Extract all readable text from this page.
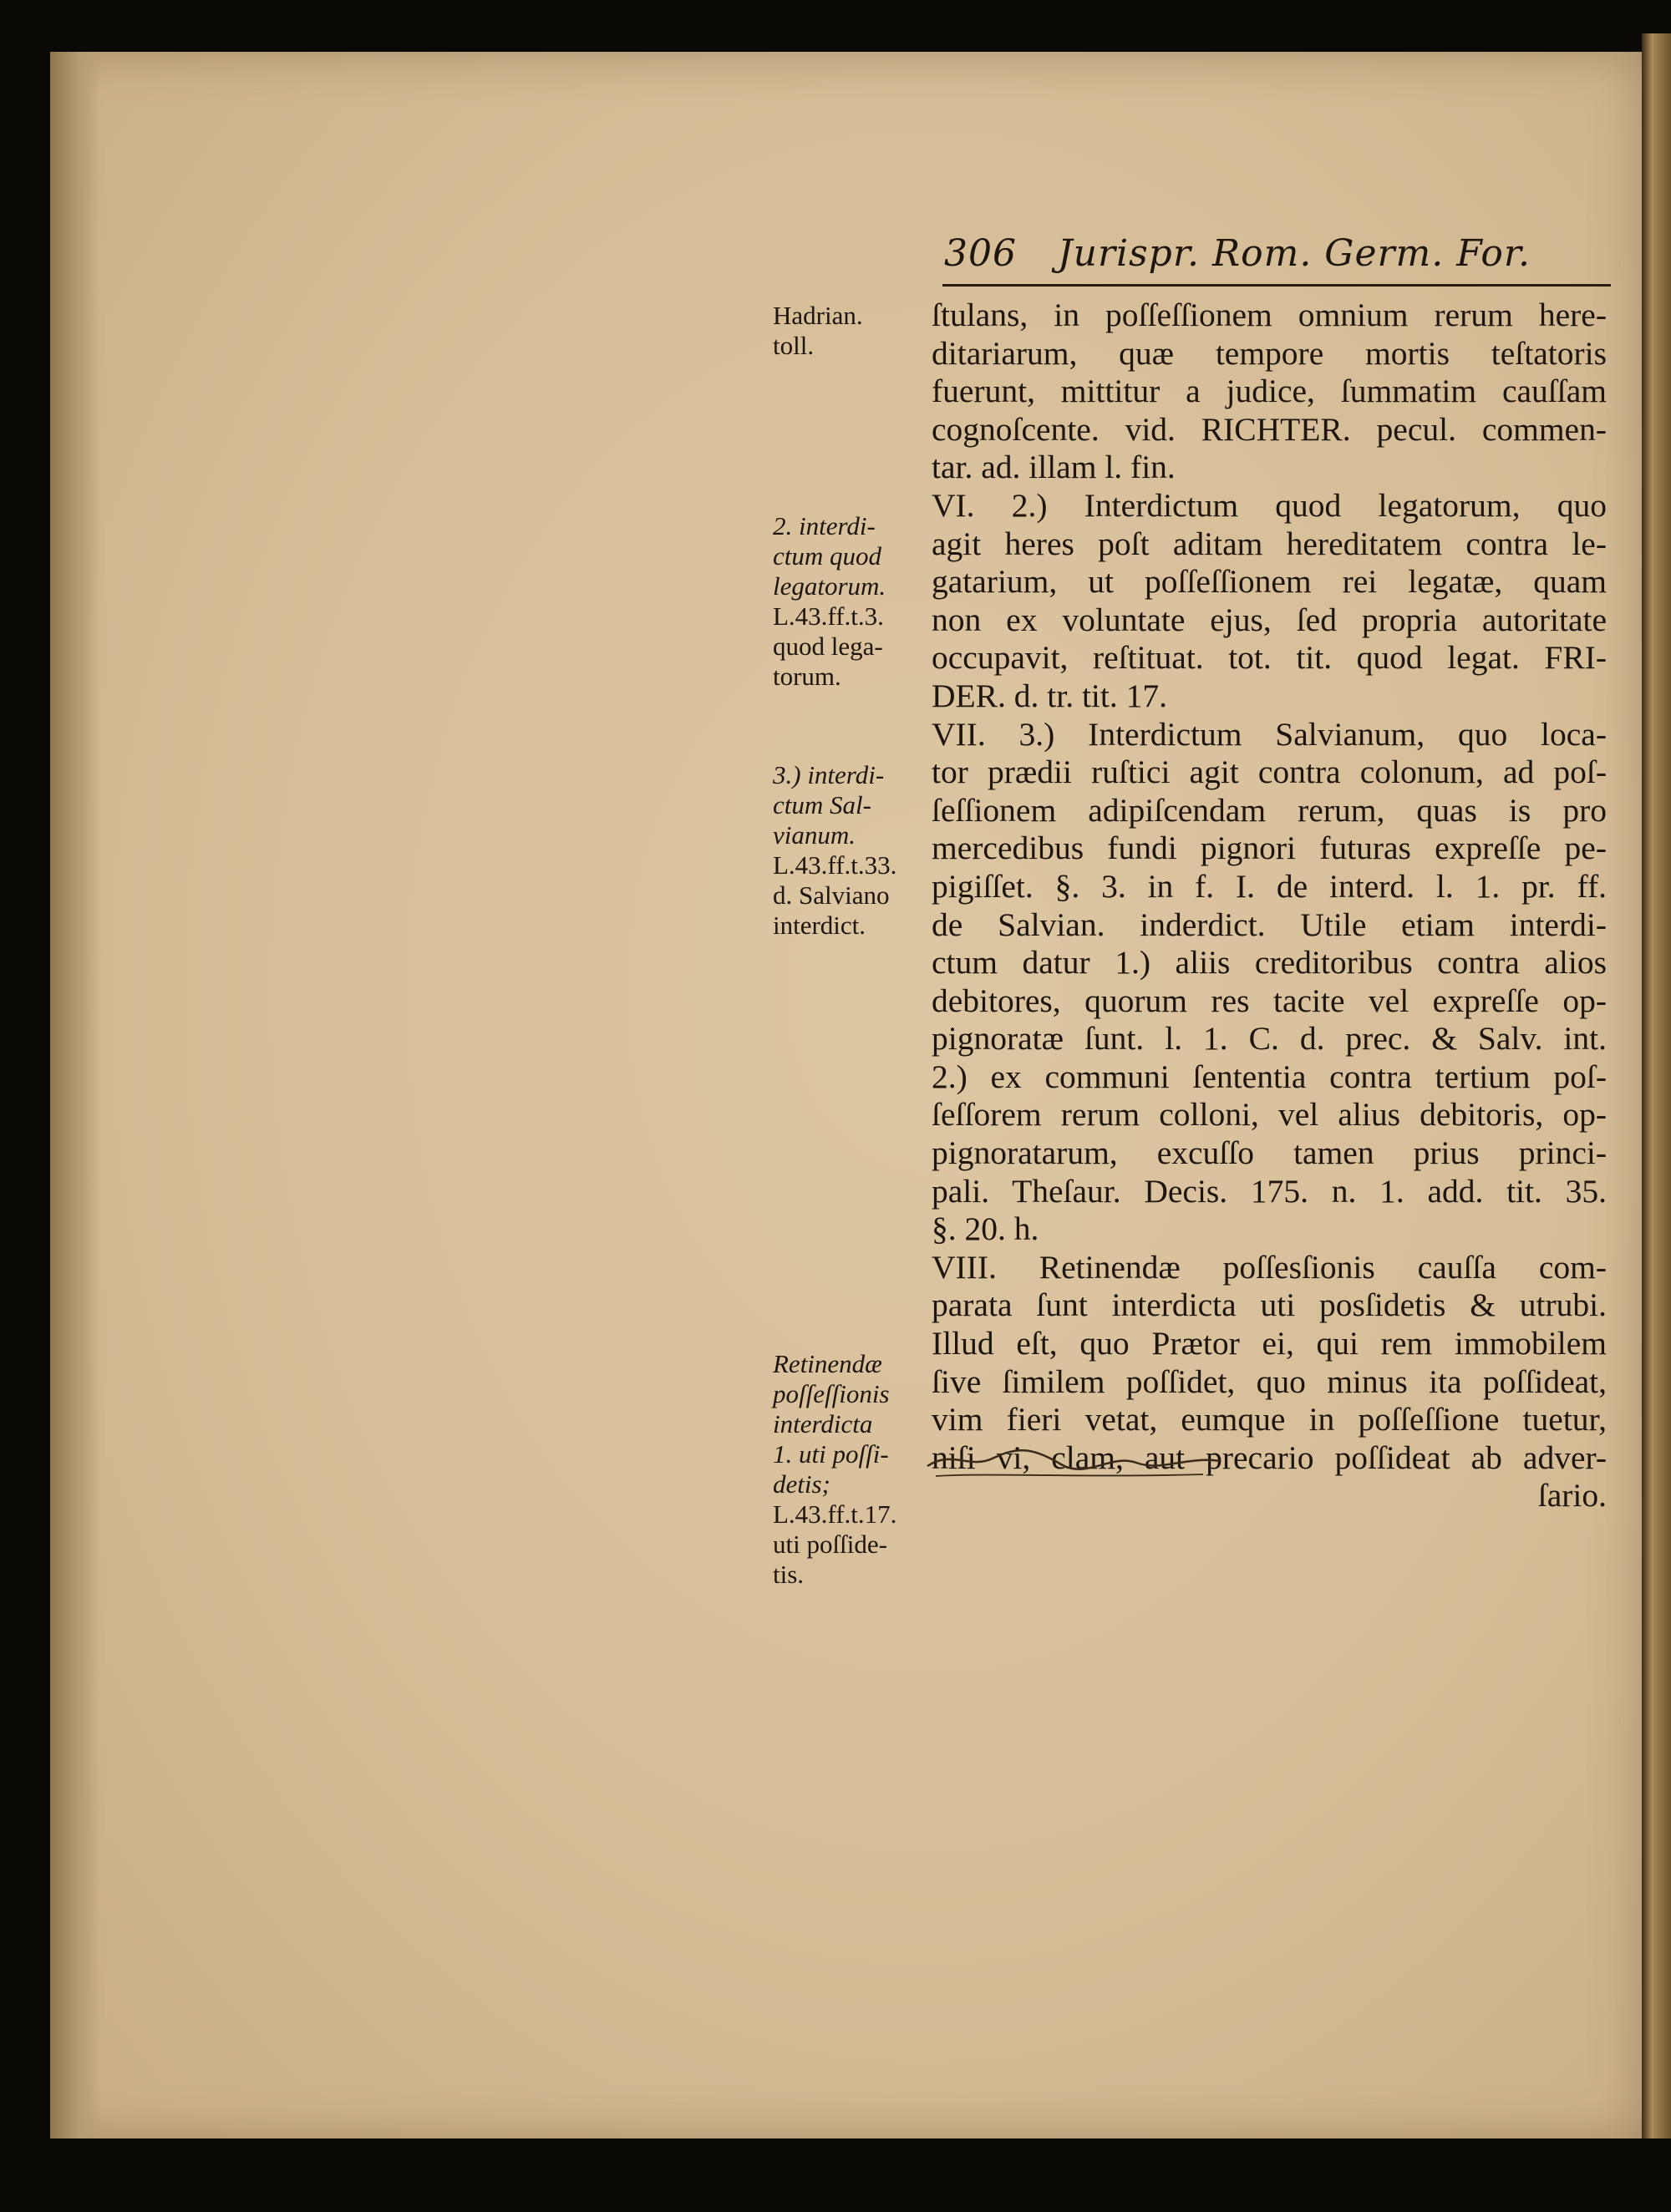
306 Jurispr. Rom. Germ. For.
ſtulans, in poſſeſſionem omnium rerum here-
ditariarum, quæ tempore mortis teſtatoris
fuerunt, mittitur a judice, ſummatim cauſſam
cognoſcente. vid. RICHTER. pecul. commen-
tar. ad. illam l. fin.
VI. 2.) Interdictum quod legatorum, quo
agit heres poſt aditam hereditatem contra le-
gatarium, ut poſſeſſionem rei legatæ, quam
non ex voluntate ejus, ſed propria autoritate
occupavit, reſtituat. tot. tit. quod legat. FRI-
DER. d. tr. tit. 17.
VII. 3.) Interdictum Salvianum, quo loca-
tor prædii ruſtici agit contra colonum, ad poſ-
ſeſſionem adipiſcendam rerum, quas is pro
mercedibus fundi pignori futuras expreſſe pe-
pigiſſet. §. 3. in f. I. de interd. l. 1. pr. ff.
de Salvian. inderdict. Utile etiam interdi-
ctum datur 1.) aliis creditoribus contra alios
debitores, quorum res tacite vel expreſſe op-
pignoratæ ſunt. l. 1. C. d. prec. & Salv. int.
2.) ex communi ſententia contra tertium poſ-
ſeſſorem rerum colloni, vel alius debitoris, op-
pignoratarum, excuſſo tamen prius princi-
pali. Theſaur. Decis. 175. n. 1. add. tit. 35.
§. 20. h.
VIII. Retinendæ poſſesſionis cauſſa com-
parata ſunt interdicta uti posſidetis & utrubi.
Illud eſt, quo Prætor ei, qui rem immobilem
ſive ſimilem poſſidet, quo minus ita poſſideat,
vim fieri vetat, eumque in poſſeſſione tuetur,
niſi vi, clam, aut precario poſſideat ab adver-
ſario.
Hadrian.
toll.
2. interdi-
ctum quod
legatorum.
L.43.ff.t.3.
quod lega-
torum.
3.) interdi-
ctum Sal-
vianum.
L.43.ff.t.33.
d. Salviano
interdict.
Retinendæ
poſſeſſionis
interdicta
1. uti poſſi-
detis;
L.43.ff.t.17.
uti poſſide-
tis.
